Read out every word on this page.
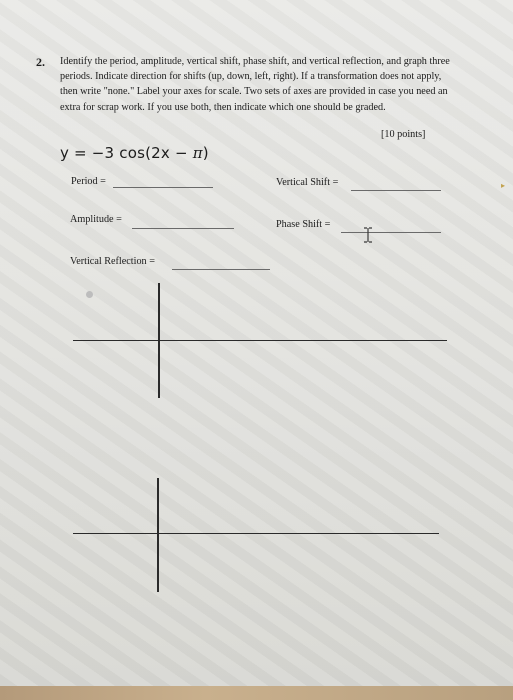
2. Identify the period, amplitude, vertical shift, phase shift, and vertical reflection, and graph three periods. Indicate direction for shifts (up, down, left, right). If a transformation does not apply, then write "none." Label your axes for scale. Two sets of axes are provided in case you need an extra for scrap work. If you use both, then indicate which one should be graded.

[10 points]
y = −3 cos(2x − π)
Period =	Vertical Shift =
Amplitude =	Phase Shift =
Vertical Reflection =
▸
